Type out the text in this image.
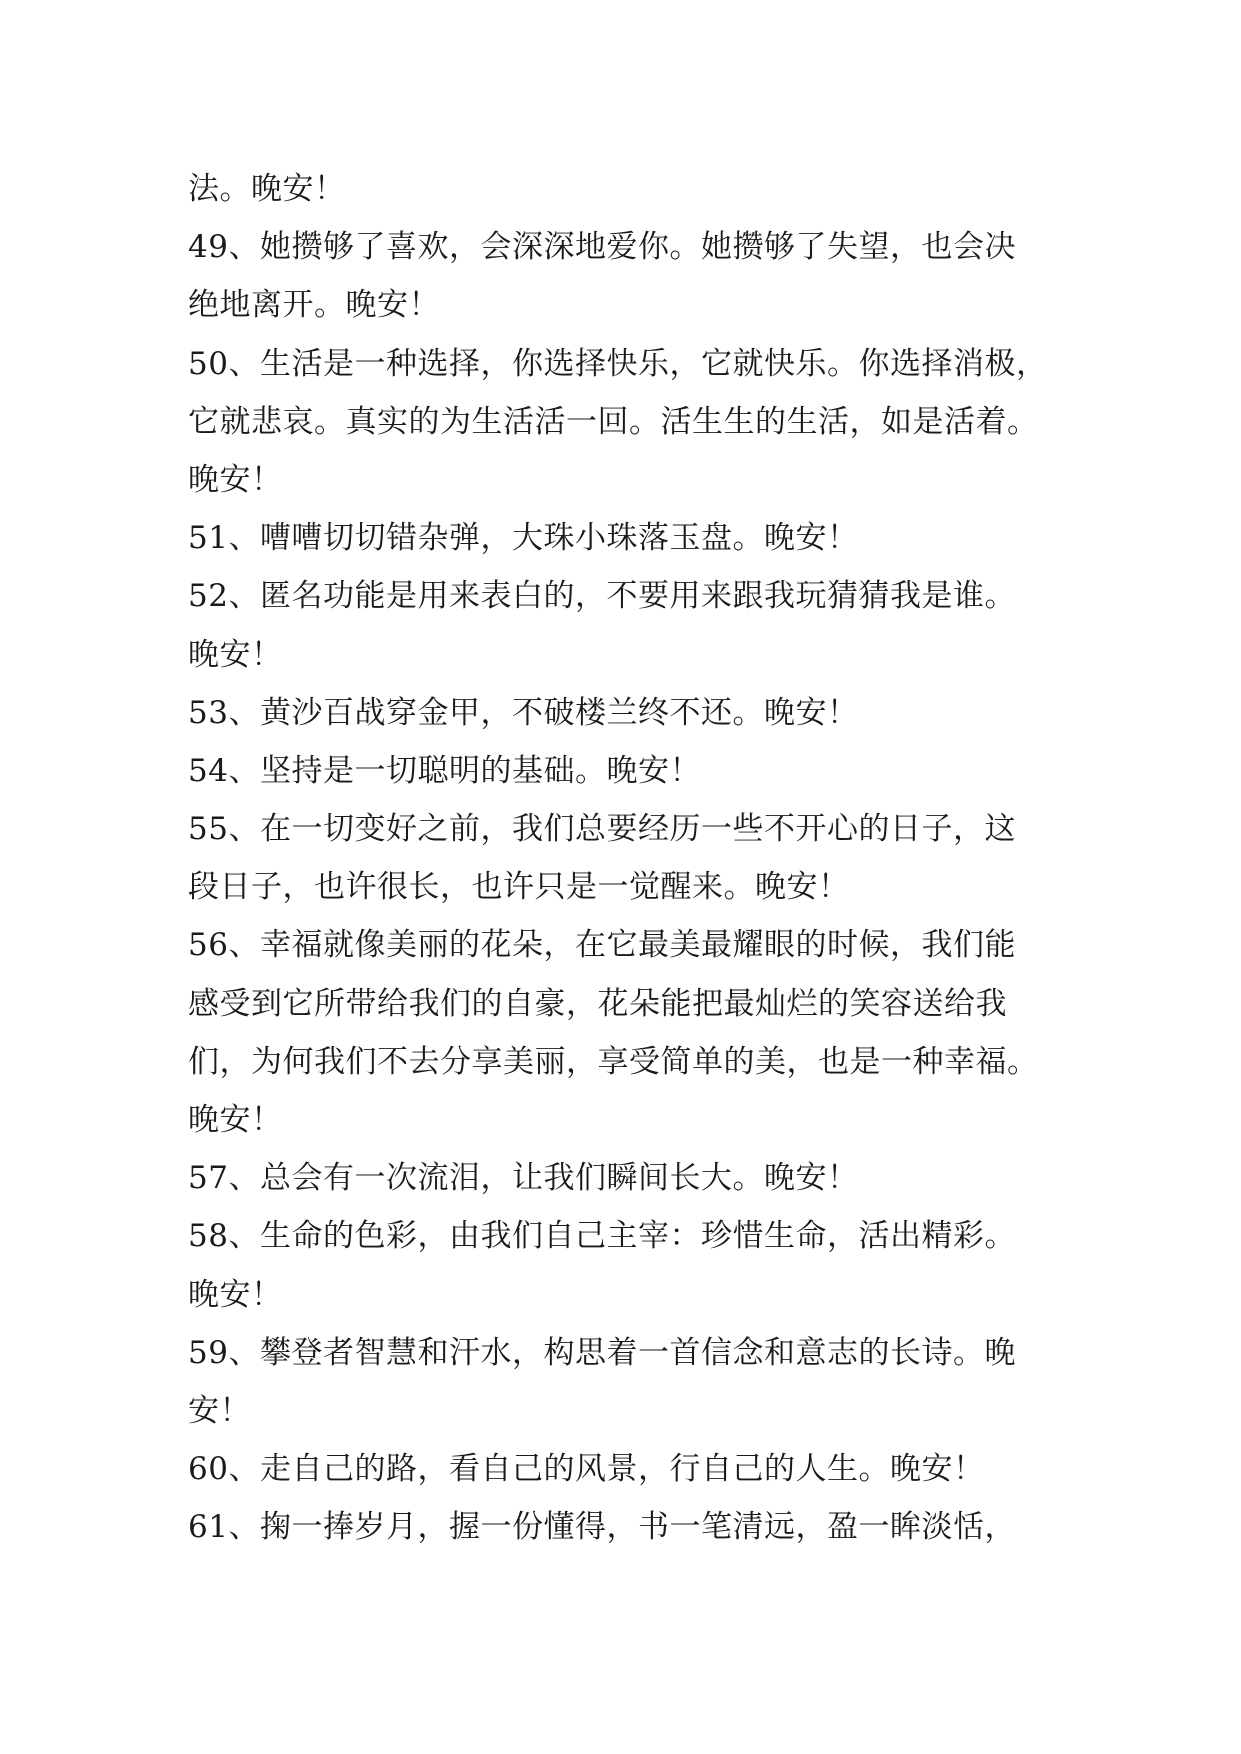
法。晚安！
49、她攒够了喜欢，会深深地爱你。她攒够了失望，也会决
绝地离开。晚安！
50、生活是一种选择，你选择快乐，它就快乐。你选择消极，
它就悲哀。真实的为生活活一回。活生生的生活，如是活着。
晚安！
51、嘈嘈切切错杂弹，大珠小珠落玉盘。晚安！
52、匿名功能是用来表白的，不要用来跟我玩猜猜我是谁。
晚安！
53、黄沙百战穿金甲，不破楼兰终不还。晚安！
54、坚持是一切聪明的基础。晚安！
55、在一切变好之前，我们总要经历一些不开心的日子，这
段日子，也许很长，也许只是一觉醒来。晚安！
56、幸福就像美丽的花朵，在它最美最耀眼的时候，我们能
感受到它所带给我们的自豪，花朵能把最灿烂的笑容送给我
们，为何我们不去分享美丽，享受简单的美，也是一种幸福。
晚安！
57、总会有一次流泪，让我们瞬间长大。晚安！
58、生命的色彩，由我们自己主宰：珍惜生命，活出精彩。
晚安！
59、攀登者智慧和汗水，构思着一首信念和意志的长诗。晚
安！
60、走自己的路，看自己的风景，行自己的人生。晚安！
61、掬一捧岁月，握一份懂得，书一笔清远，盈一眸淡恬，
